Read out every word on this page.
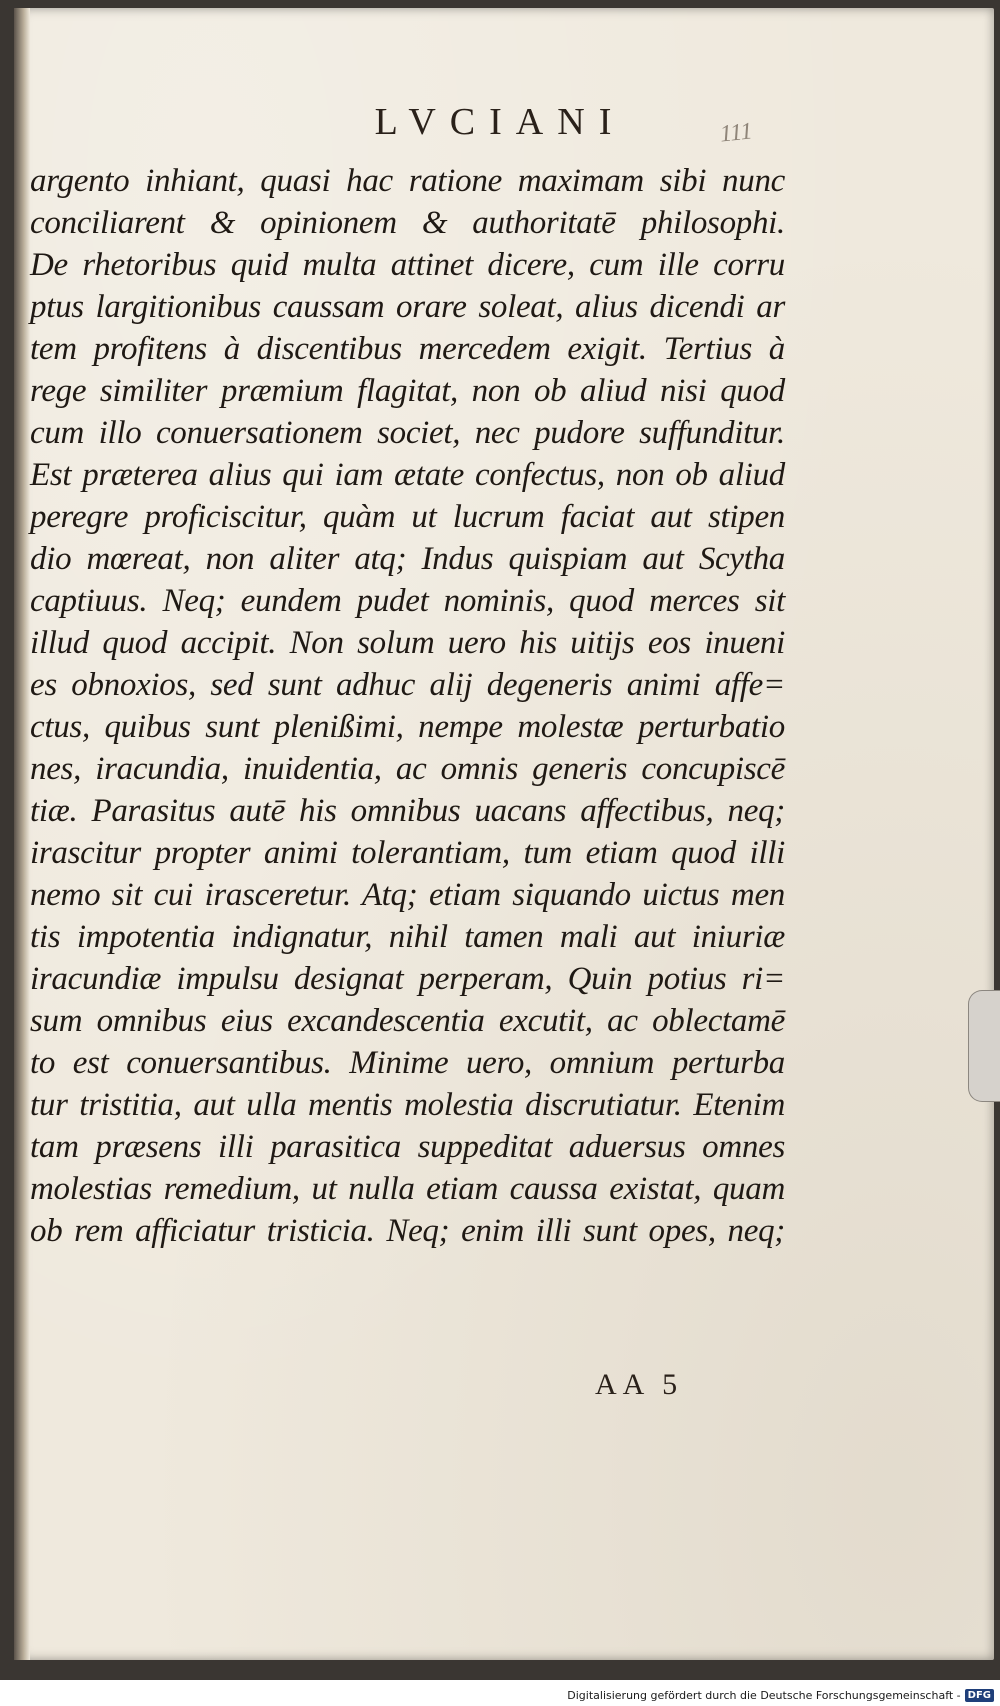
LVCIANI	111
argento inhiant, quasi hac ratione maximam sibi nunc
conciliarent & opinionem & authoritatē philosophi.
De rhetoribus quid multa attinet dicere, cum ille corru
ptus largitionibus caussam orare soleat, alius dicendi ar
tem profitens à discentibus mercedem exigit. Tertius à
rege similiter præmium flagitat, non ob aliud nisi quod
cum illo conuersationem societ, nec pudore suffunditur.
Est præterea alius qui iam ætate confectus, non ob aliud
peregre proficiscitur, quàm ut lucrum faciat aut stipen
dio mœreat, non aliter atq; Indus quispiam aut Scytha
captiuus. Neq; eundem pudet nominis, quod merces sit
illud quod accipit. Non solum uero his uitijs eos inueni
es obnoxios, sed sunt adhuc alij degeneris animi affe=
ctus, quibus sunt plenißimi, nempe molestæ perturbatio
nes, iracundia, inuidentia, ac omnis generis concupiscē
tiæ. Parasitus autē his omnibus uacans affectibus, neq;
irascitur propter animi tolerantiam, tum etiam quod illi
nemo sit cui irasceretur. Atq; etiam siquando uictus men
tis impotentia indignatur, nihil tamen mali aut iniuriæ
iracundiæ impulsu designat perperam, Quin potius ri=
sum omnibus eius excandescentia excutit, ac oblectamē
to est conuersantibus. Minime uero, omnium perturba
tur tristitia, aut ulla mentis molestia discrutiatur. Etenim
tam præsens illi parasitica suppeditat aduersus omnes
molestias remedium, ut nulla etiam caussa existat, quam
ob rem afficiatur tristicia. Neq; enim illi sunt opes, neq;
AA 5
Digitalisierung gefördert durch die Deutsche Forschungsgemeinschaft - DFG
